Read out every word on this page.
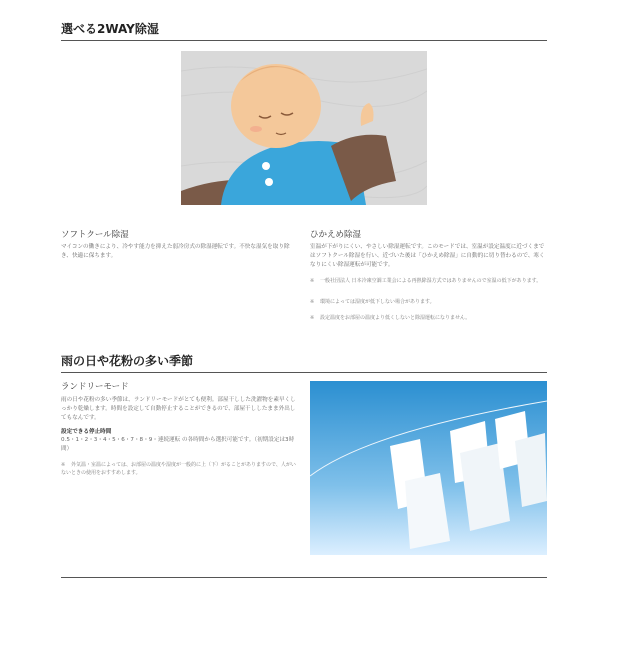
選べる2WAY除湿
ソフトクール除湿
マイコンの働きにより、冷やす能力を抑えた弱冷房式の除湿運転です。不快な湿気を取り除き、快適に保ちます。
ひかえめ除湿
室温が下がりにくい、やさしい除湿運転です。このモードでは、室温が設定温度に近づくまではソフトクール除湿を行い、近づいた後は「ひかえめ除湿」に自動的に切り替わるので、寒くなりにくい除湿運転が可能です。
※ 一般社団法人 日本冷凍空調工業会による再熱除湿方式ではありませんので室温の低下があります。
※ 環境によっては湿度が低下しない場合があります。
※ 設定温度をお部屋の温度より低くしないと除湿運転になりません。
雨の日や花粉の多い季節
ランドリーモード
雨の日や花粉の多い季節は、ランドリーモードがとても便利。部屋干しした洗濯物を素早くしっかり乾燥します。時間を設定して自動停止することができるので、部屋干ししたまま外出してもなんです。
設定できる停止時間
0.5・1・2・3・4・5・6・7・8・9・連続運転 の各時間から選択可能です。（初期設定は3時間）
※ 外気温・室温によっては、お部屋の温度や湿度が一般的に上（下）がることがありますので、人がいないときの使用をおすすめします。
